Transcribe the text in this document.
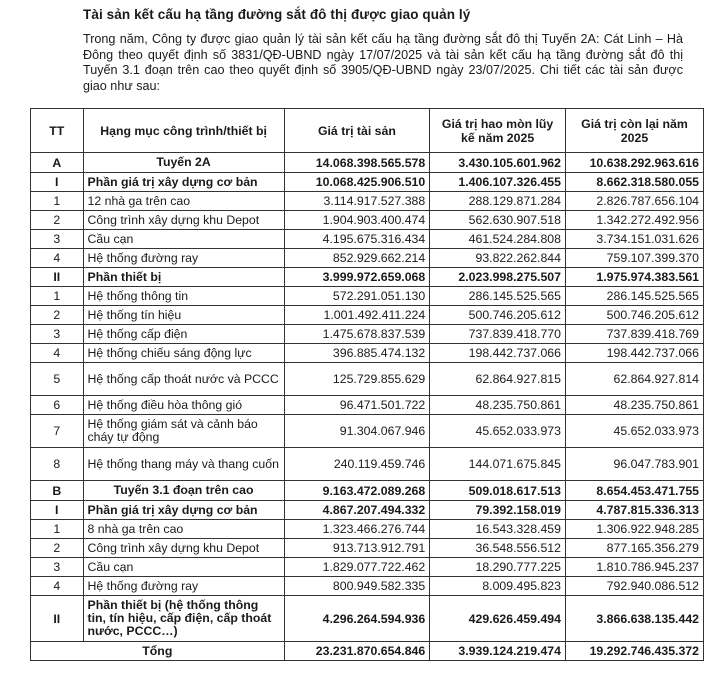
Tài sản kết cấu hạ tầng đường sắt đô thị được giao quản lý
Trong năm, Công ty được giao quản lý tài sản kết cấu hạ tầng đường sắt đô thị Tuyến 2A: Cát Linh – Hà Đông theo quyết định số 3831/QĐ-UBND ngày 17/07/2025 và tài sản kết cấu hạ tầng đường sắt đô thị Tuyến 3.1 đoạn trên cao theo quyết định số 3905/QĐ-UBND ngày 23/07/2025. Chi tiết các tài sản được giao như sau:
TT	Hạng mục công trình/thiết bị	Giá trị tài sản	Giá trị hao mòn lũy kế năm 2025	Giá trị còn lại năm 2025
A	Tuyến 2A	14.068.398.565.578	3.430.105.601.962	10.638.292.963.616
I	Phần giá trị xây dựng cơ bản	10.068.425.906.510	1.406.107.326.455	8.662.318.580.055
1	12 nhà ga trên cao	3.114.917.527.388	288.129.871.284	2.826.787.656.104
2	Công trình xây dựng khu Depot	1.904.903.400.474	562.630.907.518	1.342.272.492.956
3	Cầu cạn	4.195.675.316.434	461.524.284.808	3.734.151.031.626
4	Hệ thống đường ray	852.929.662.214	93.822.262.844	759.107.399.370
II	Phần thiết bị	3.999.972.659.068	2.023.998.275.507	1.975.974.383.561
1	Hệ thống thông tin	572.291.051.130	286.145.525.565	286.145.525.565
2	Hệ thống tín hiệu	1.001.492.411.224	500.746.205.612	500.746.205.612
3	Hệ thống cấp điện	1.475.678.837.539	737.839.418.770	737.839.418.769
4	Hệ thống chiếu sáng động lực	396.885.474.132	198.442.737.066	198.442.737.066
5	Hệ thống cấp thoát nước và PCCC	125.729.855.629	62.864.927.815	62.864.927.814
6	Hệ thống điều hòa thông gió	96.471.501.722	48.235.750.861	48.235.750.861
7	Hệ thống giám sát và cảnh báo cháy tự động	91.304.067.946	45.652.033.973	45.652.033.973
8	Hệ thống thang máy và thang cuốn	240.119.459.746	144.071.675.845	96.047.783.901
B	Tuyến 3.1 đoạn trên cao	9.163.472.089.268	509.018.617.513	8.654.453.471.755
I	Phần giá trị xây dựng cơ bản	4.867.207.494.332	79.392.158.019	4.787.815.336.313
1	8 nhà ga trên cao	1.323.466.276.744	16.543.328.459	1.306.922.948.285
2	Công trình xây dựng khu Depot	913.713.912.791	36.548.556.512	877.165.356.279
3	Cầu cạn	1.829.077.722.462	18.290.777.225	1.810.786.945.237
4	Hệ thống đường ray	800.949.582.335	8.009.495.823	792.940.086.512
II	Phần thiết bị (hệ thống thông tin, tín hiệu, cấp điện, cấp thoát nước, PCCC…)	4.296.264.594.936	429.626.459.494	3.866.638.135.442
Tổng		23.231.870.654.846	3.939.124.219.474	19.292.746.435.372
